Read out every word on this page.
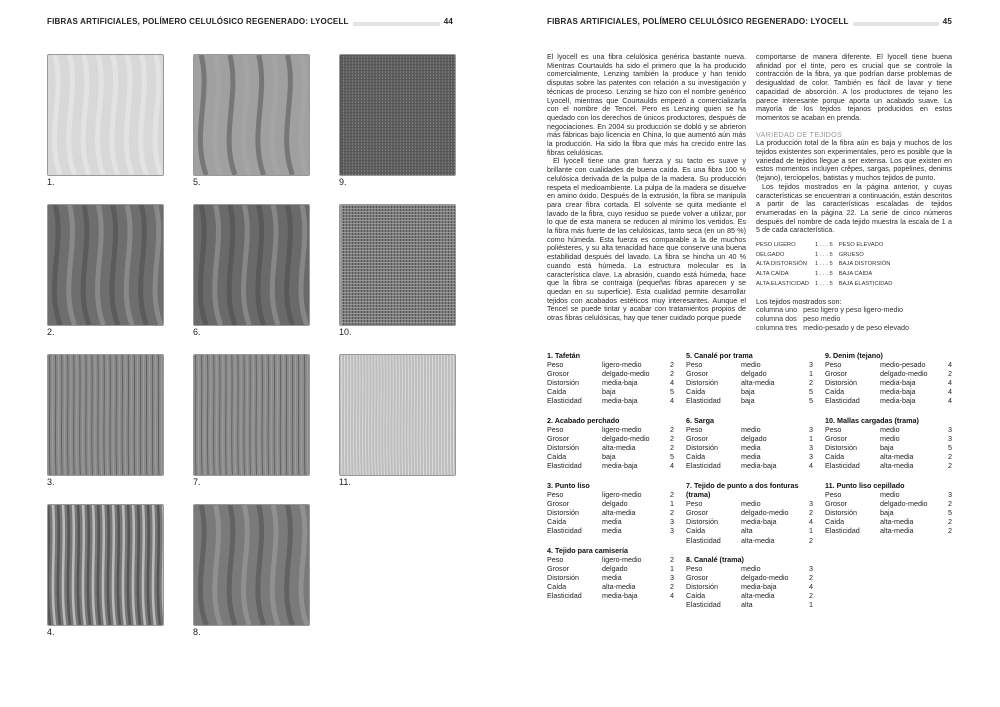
FIBRAS ARTIFICIALES, POLÍMERO CELULÓSICO REGENERADO: LYOCELL	44	FIBRAS ARTIFICIALES, POLÍMERO CELULÓSICO REGENERADO: LYOCELL	45
1.
2.
3.
4.
5.
6.
7.
8.
9.
10.
11.

El lyocell es una fibra celulósica genérica bastante nueva. Mientras Courtaulds ha sido el primero que la ha producido comercialmente, Lenzing también la produce y han tenido disputas sobre las patentes con relación a su investigación y técnicas de proceso. Lenzing se hizo con el nombre genérico Lyocell, mientras que Courtaulds empezó a comercializarla con el nombre de Tencel. Pero es Lenzing quien se ha quedado con los derechos de únicos productores, después de negociaciones. En 2004 su producción se dobló y se abrieron más fábricas bajo licencia en China, lo que aumentó aún más la producción. Ha sido la fibra que más ha crecido entre las fibras celulósicas.

El lyocell tiene una gran fuerza y su tacto es suave y brillante con cualidades de buena caída. Es una fibra 100 % celulósica derivada de la pulpa de la madera. Su producción respeta el medioambiente. La pulpa de la madera se disuelve en amino óxido. Después de la extrusión, la fibra se manipula para crear fibra cortada. El solvente se quita mediante el lavado de la fibra, cuyo residuo se puede volver a utilizar, por lo que de esta manera se reducen al mínimo los vertidos. Es la fibra más fuerte de las celulósicas, tanto seca (en un 85 %) como húmeda. Esta fuerza es comparable a la de muchos poliésteres, y su alta tenacidad hace que conserve una buena estabilidad después del lavado. La fibra se hincha un 40 % cuando está húmeda. La estructura molecular es la característica clave. La abrasión, cuando está húmeda, hace que la fibra se contraiga (pequeñas fibras aparecen y se quedan en su superficie). Esta cualidad permite desarrollar tejidos con acabados estéticos muy interesantes. Aunque el Tencel se puede tintar y acabar con tratamientos propios de otras fibras celulósicas, hay que tener cuidado porque puede

comportarse de manera diferente. El lyocell tiene buena afinidad por el tinte, pero es crucial que se controle la contracción de la fibra, ya que podrían darse problemas de desigualdad de color. También es fácil de lavar y tiene capacidad de absorción. A los productores de tejano les parece interesante porque aporta un acabado suave. La mayoría de los tejidos tejanos producidos en estos momentos se acaban en prenda.

VARIEDAD DE TEJIDOS

La producción total de la fibra aún es baja y muchos de los tejidos existentes son experimentales, pero es posible que la variedad de tejidos llegue a ser extensa. Los que existen en estos momentos incluyen crêpes, sargas, popelines, denims (tejano), terciopelos, batistas y muchos tejidos de punto.

Los tejidos mostrados en la página anterior, y cuyas características se encuentran a continuación, están descritos a partir de las características escaladas de tejidos enumeradas en la página 22. La serie de cinco números después del nombre de cada tejido muestra la escala de 1 a 5 de cada característica.

PESO LIGERO	1 . . . 5	PESO ELEVADO
DELGADO	1 . . . 5	GRUESO
ALTA DISTORSIÓN	1 . . . 5	BAJA DISTORSIÓN
ALTA CAÍDA	1 . . . 5	BAJA CAÍDA
ALTA ELASTICIDAD	1 . . . 5	BAJA ELASTICIDAD

Los tejidos mostrados son:

columna uno	peso ligero y peso ligero-medio
columna dos	peso medio
columna tres	medio-pesado y de peso elevado
1. Tafetán
Peso	ligero-medio	2
Grosor	delgado-medio	2
Distorsión	media-baja	4
Caída	baja	5
Elasticidad	media-baja	4
2. Acabado perchado
Peso	ligero-medio	2
Grosor	delgado-medio	2
Distorsión	alta-media	2
Caída	baja	5
Elasticidad	media-baja	4
3. Punto liso
Peso	ligero-medio	2
Grosor	delgado	1
Distorsión	alta-media	2
Caída	media	3
Elasticidad	media	3
4. Tejido para camisería
Peso	ligero-medio	2
Grosor	delgado	1
Distorsión	media	3
Caída	alta-media	2
Elasticidad	media-baja	4
5. Canalé por trama
Peso	medio	3
Grosor	delgado	1
Distorsión	alta-media	2
Caída	baja	5
Elasticidad	baja	5
6. Sarga
Peso	medio	3
Grosor	delgado	1
Distorsión	media	3
Caída	media	3
Elasticidad	media-baja	4
7. Tejido de punto a dos fonturas (trama)
Peso	medio	3
Grosor	delgado-medio	2
Distorsión	media-baja	4
Caída	alta	1
Elasticidad	alta-media	2
8. Canalé (trama)
Peso	medio	3
Grosor	delgado-medio	2
Distorsión	media-baja	4
Caída	alta-media	2
Elasticidad	alta	1
9. Denim (tejano)
Peso	medio-pesado	4
Grosor	delgado-medio	2
Distorsión	media-baja	4
Caída	media-baja	4
Elasticidad	media-baja	4
10. Mallas cargadas (trama)
Peso	medio	3
Grosor	medio	3
Distorsión	baja	5
Caída	alta-media	2
Elasticidad	alta-media	2
11. Punto liso cepillado
Peso	medio	3
Grosor	delgado-medio	2
Distorsión	baja	5
Caída	alta-media	2
Elasticidad	alta-media	2
